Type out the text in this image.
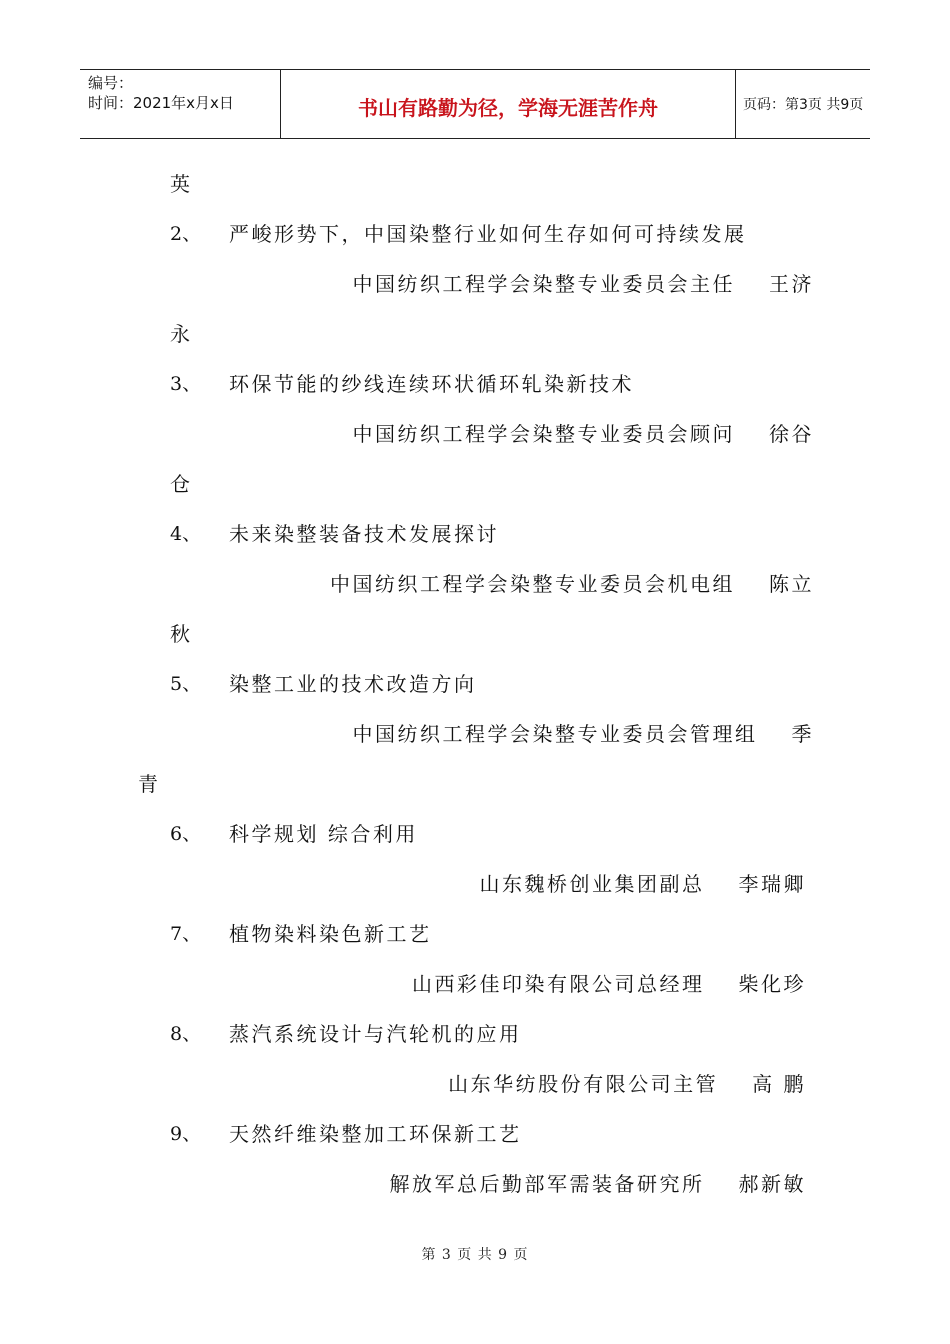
编号：
时间：2021年x月x日	书山有路勤为径，学海无涯苦作舟	页码：第3页 共9页
英
2、 严峻形势下，中国染整行业如何生存如何可持续发展
中国纺织工程学会染整专业委员会主任 王济
永
3、 环保节能的纱线连续环状循环轧染新技术
中国纺织工程学会染整专业委员会顾问 徐谷
仓
4、 未来染整装备技术发展探讨
中国纺织工程学会染整专业委员会机电组 陈立
秋
5、 染整工业的技术改造方向
中国纺织工程学会染整专业委员会管理组 季
青
6、 科学规划 综合利用
山东魏桥创业集团副总 李瑞卿
7、 植物染料染色新工艺
山西彩佳印染有限公司总经理 柴化珍
8、 蒸汽系统设计与汽轮机的应用
山东华纺股份有限公司主管 高 鹏
9、 天然纤维染整加工环保新工艺
解放军总后勤部军需装备研究所 郝新敏
第 3 页 共 9 页
